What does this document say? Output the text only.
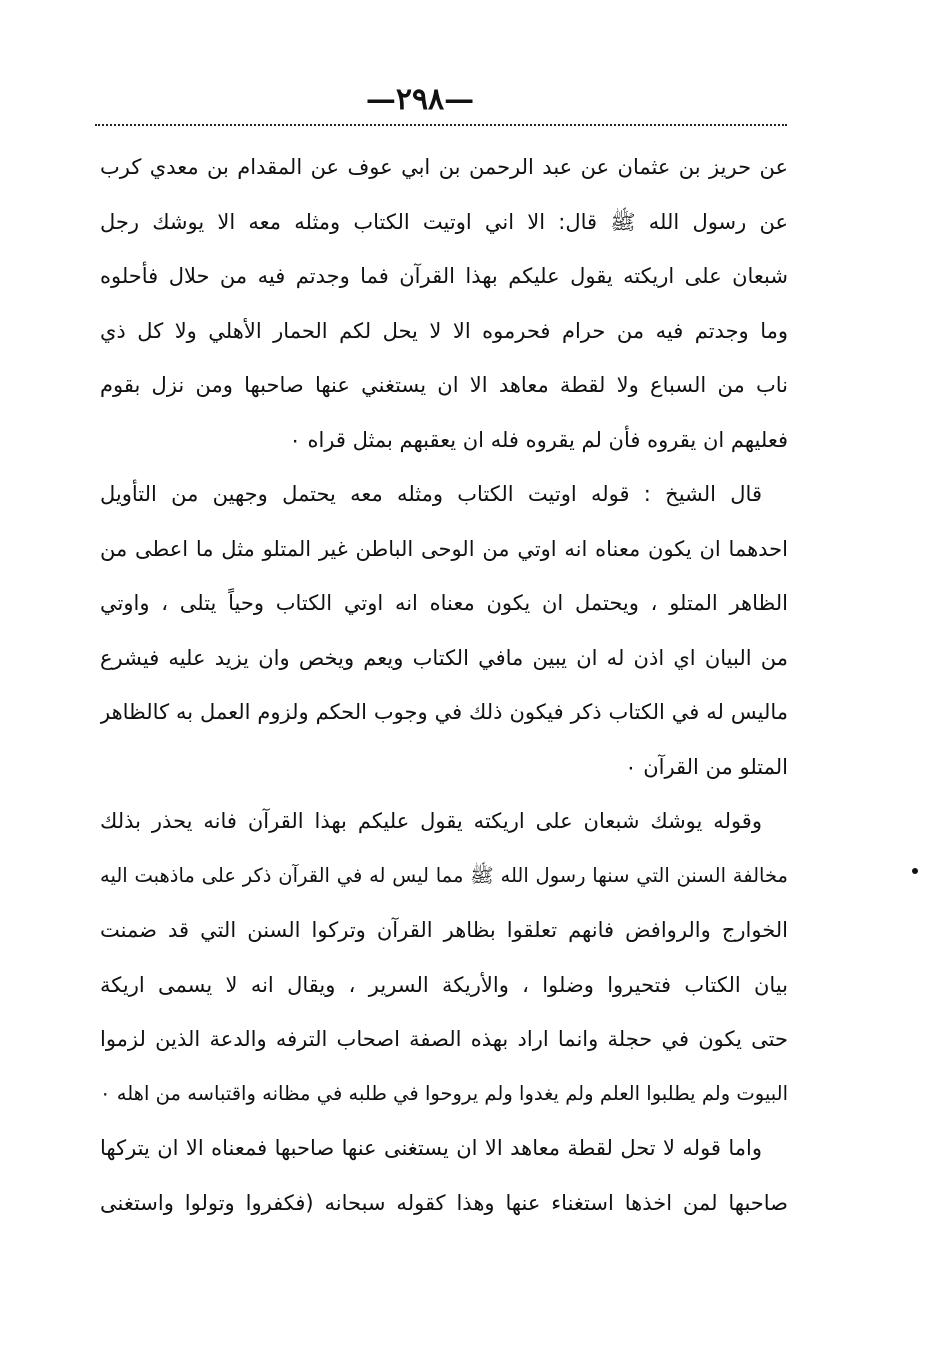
—٢٩٨—
عن حريز بن عثمان عن عبد الرحمن بن ابي عوف عن المقدام بن معدي كرب
عن رسول الله ﷺ قال: الا اني اوتيت الكتاب ومثله معه الا يوشك رجل
شبعان على اريكته يقول عليكم بهذا القرآن فما وجدتم فيه من حلال فأحلوه
وما وجدتم فيه من حرام فحرموه الا لا يحل لكم الحمار الأهلي ولا كل ذي
ناب من السباع ولا لقطة معاهد الا ان يستغني عنها صاحبها ومن نزل بقوم
فعليهم ان يقروه فأن لم يقروه فله ان يعقبهم بمثل قراه ٠
قال الشيخ : قوله اوتيت الكتاب ومثله معه يحتمل وجهين من التأويل
احدهما ان يكون معناه انه اوتي من الوحى الباطن غير المتلو مثل ما اعطى من
الظاهر المتلو ، ويحتمل ان يكون معناه انه اوتي الكتاب وحياً يتلى ، واوتي
من البيان اي اذن له ان يبين مافي الكتاب ويعم ويخص وان يزيد عليه فيشرع
ماليس له في الكتاب ذكر فيكون ذلك في وجوب الحكم ولزوم العمل به كالظاهر
المتلو من القرآن ٠
وقوله يوشك شبعان على اريكته يقول عليكم بهذا القرآن فانه يحذر بذلك
مخالفة السنن التي سنها رسول الله ﷺ مما ليس له في القرآن ذكر على ماذهبت اليه
الخوارج والروافض فانهم تعلقوا بظاهر القرآن وتركوا السنن التي قد ضمنت
بيان الكتاب فتحيروا وضلوا ، والأريكة السرير ، ويقال انه لا يسمى اريكة
حتى يكون في حجلة وانما اراد بهذه الصفة اصحاب الترفه والدعة الذين لزموا
البيوت ولم يطلبوا العلم ولم يغدوا ولم يروحوا في طلبه في مظانه واقتباسه من اهله ٠
واما قوله لا تحل لقطة معاهد الا ان يستغنى عنها صاحبها فمعناه الا ان يتركها
صاحبها لمن اخذها استغناء عنها وهذا كقوله سبحانه (فكفروا وتولوا واستغنى
